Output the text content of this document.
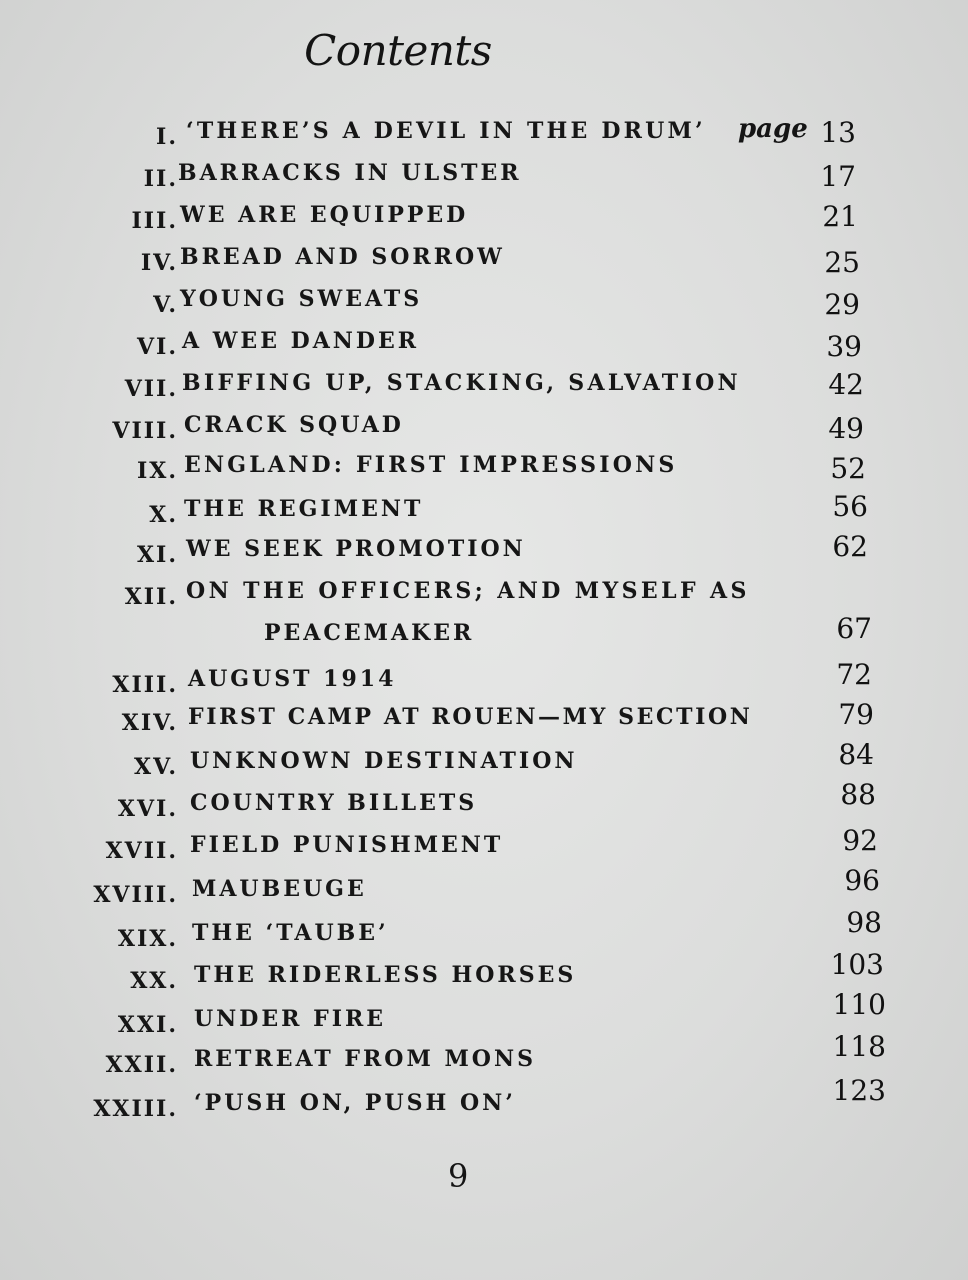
Contents
I. ‘THERE’S A DEVIL IN THE DRUM’ page 13
II. BARRACKS IN ULSTER	17
III. WE ARE EQUIPPED	21
IV. BREAD AND SORROW	25
V. YOUNG SWEATS	29
VI. A WEE DANDER	39
VII. BIFFING UP, STACKING, SALVATION	42
VIII. CRACK SQUAD	49
IX. ENGLAND: FIRST IMPRESSIONS	52
X. THE REGIMENT	56
XI. WE SEEK PROMOTION	62
XII. ON THE OFFICERS; AND MYSELF AS
PEACEMAKER	67
XIII. AUGUST 1914	72
XIV. FIRST CAMP AT ROUEN—MY SECTION	79
XV. UNKNOWN DESTINATION	84
XVI. COUNTRY BILLETS	88
XVII. FIELD PUNISHMENT	92
XVIII. MAUBEUGE	96
XIX. THE ‘TAUBE’	98
XX. THE RIDERLESS HORSES	103
XXI. UNDER FIRE	110
XXII. RETREAT FROM MONS	118
XXIII. ‘PUSH ON, PUSH ON’	123
9
